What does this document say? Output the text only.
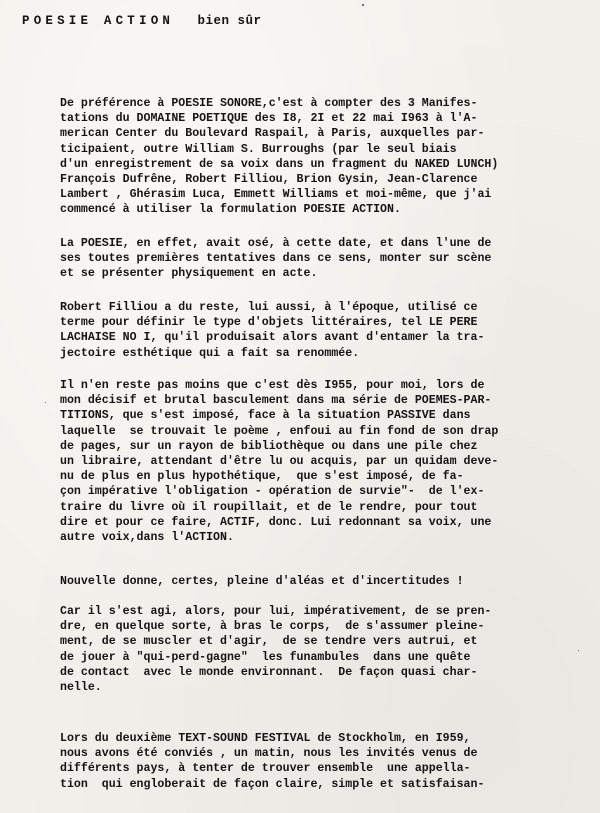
POESIE ACTION bien sûr
De préférence à POESIE SONORE,c'est à compter des 3 Manifes-
tations du DOMAINE POETIQUE des I8, 2I et 22 mai I963 à l'A-
merican Center du Boulevard Raspail, à Paris, auxquelles par-
ticipaient, outre William S. Burroughs (par le seul biais
d'un enregistrement de sa voix dans un fragment du NAKED LUNCH)
François Dufrêne, Robert Filliou, Brion Gysin, Jean-Clarence
Lambert , Ghérasim Luca, Emmett Williams et moi-même, que j'ai
commencé à utiliser la formulation POESIE ACTION.
La POESIE, en effet, avait osé, à cette date, et dans l'une de
ses toutes premières tentatives dans ce sens, monter sur scène
et se présenter physiquement en acte.
Robert Filliou a du reste, lui aussi, à l'époque, utilisé ce
terme pour définir le type d'objets littéraires, tel LE PERE
LACHAISE NO I, qu'il produisait alors avant d'entamer la tra-
jectoire esthétique qui a fait sa renommée.
Il n'en reste pas moins que c'est dès I955, pour moi, lors de
mon décisif et brutal basculement dans ma série de POEMES-PAR-
TITIONS, que s'est imposé, face à la situation PASSIVE dans
laquelle  se trouvait le poème , enfoui au fin fond de son drap
de pages, sur un rayon de bibliothèque ou dans une pile chez
un libraire, attendant d'être lu ou acquis, par un quidam deve-
nu de plus en plus hypothétique,  que s'est imposé, de fa-
çon impérative l'obligation - opération de survie"-  de l'ex-
traire du livre où il roupillait, et de le rendre, pour tout
dire et pour ce faire, ACTIF, donc. Lui redonnant sa voix, une
autre voix,dans l'ACTION.
Nouvelle donne, certes, pleine d'aléas et d'incertitudes !
Car il s'est agi, alors, pour lui, impérativement, de se pren-
dre, en quelque sorte, à bras le corps,  de s'assumer pleine-
ment, de se muscler et d'agir,  de se tendre vers autrui, et
de jouer à "qui-perd-gagne"  les funambules  dans une quête
de contact  avec le monde environnant.  De façon quasi char-
nelle.
Lors du deuxième TEXT-SOUND FESTIVAL de Stockholm, en I959,
nous avons été conviés , un matin, nous les invités venus de
différents pays, à tenter de trouver ensemble  une appella-
tion  qui engloberait de façon claire, simple et satisfaisan-
